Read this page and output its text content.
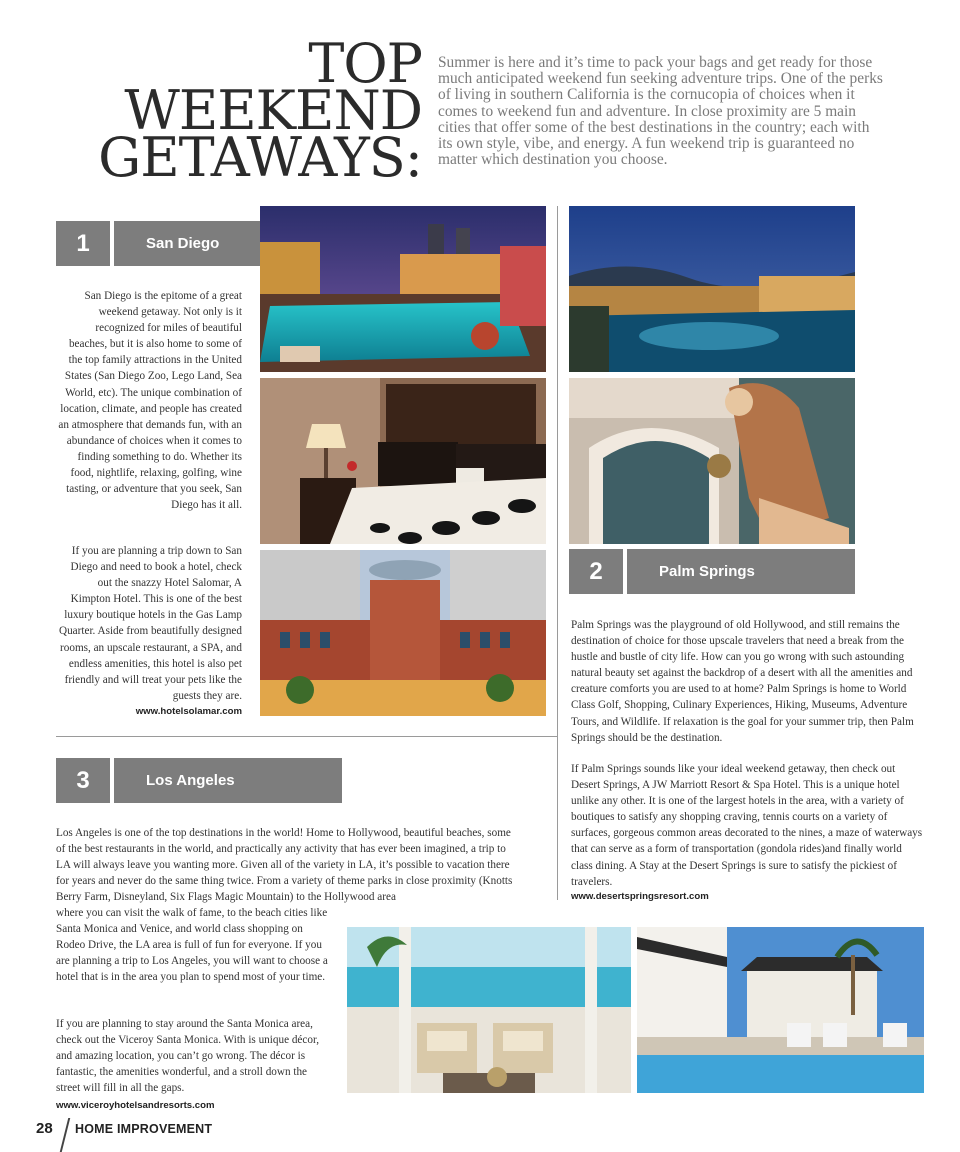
TOP
WEEKEND
GETAWAYS:

Summer is here and it’s time to pack your bags and get ready for those much anticipated weekend fun seeking adventure trips. One of the perks of living in southern California is the cornucopia of choices when it comes to weekend fun and adventure. In close proximity are 5 main cities that offer some of the best destinations in the country; each with its own style, vibe, and energy. A fun weekend trip is guaranteed no matter which destination you choose.

1	San Diego

San Diego is the epitome of a great weekend getaway. Not only is it recognized for miles of beautiful beaches, but it is also home to some of the top family attractions in the United States (San Diego Zoo, Lego Land, Sea World, etc). The unique combination of location, climate, and people has created an atmosphere that demands fun, with an abundance of choices when it comes to finding something to do. Whether its food, nightlife, relaxing, golfing, wine tasting, or adventure that you seek, San Diego has it all.

If you are planning a trip down to San Diego and need to book a hotel, check out the snazzy Hotel Salomar, A Kimpton Hotel. This is one of the best luxury boutique hotels in the Gas Lamp Quarter. Aside from beautifully designed rooms, an upscale restaurant, a SPA, and endless amenities, this hotel is also pet friendly and will treat your pets like the guests they are.

www.hotelsolamar.com
2	Palm Springs

Palm Springs was the playground of old Hollywood, and still remains the destination of choice for those upscale travelers that need a break from the hustle and bustle of city life. How can you go wrong with such astounding natural beauty set against the backdrop of a desert with all the amenities and creature comforts you are used to at home? Palm Springs is home to World Class Golf, Shopping, Culinary Experiences, Hiking, Museums, Adventure Tours, and Wildlife. If relaxation is the goal for your summer trip, then Palm Springs should be the destination.

If Palm Springs sounds like your ideal weekend getaway, then check out Desert Springs, A JW Marriott Resort & Spa Hotel. This is a unique hotel unlike any other. It is one of the largest hotels in the area, with a variety of boutiques to satisfy any shopping craving, tennis courts on a variety of surfaces, gorgeous common areas decorated to the nines, a maze of waterways that can serve as a form of transportation (gondola rides)and finally world class dining. A Stay at the Desert Springs is sure to satisfy the pickiest of travelers.

www.desertspringsresort.com
3	Los Angeles

Los Angeles is one of the top destinations in the world! Home to Hollywood, beautiful beaches, some of the best restaurants in the world, and practically any activity that has ever been imagined, a trip to LA will always leave you wanting more. Given all of the variety in LA, it’s possible to vacation there for years and never do the same thing twice. From a variety of theme parks in close proximity (Knotts Berry Farm, Disneyland, Six Flags Magic Mountain) to the Hollywood area

where you can visit the walk of fame, to the beach cities like Santa Monica and Venice, and world class shopping on Rodeo Drive, the LA area is full of fun for everyone. If you are planning a trip to Los Angeles, you will want to choose a hotel that is in the area you plan to spend most of your time.

If you are planning to stay around the Santa Monica area, check out the Viceroy Santa Monica. With is unique décor, and amazing location, you can’t go wrong. The décor is fantastic, the amenities wonderful, and a stroll down the street will fill in all the gaps.

www.viceroyhotelsandresorts.com
28 HOME IMPROVEMENT
